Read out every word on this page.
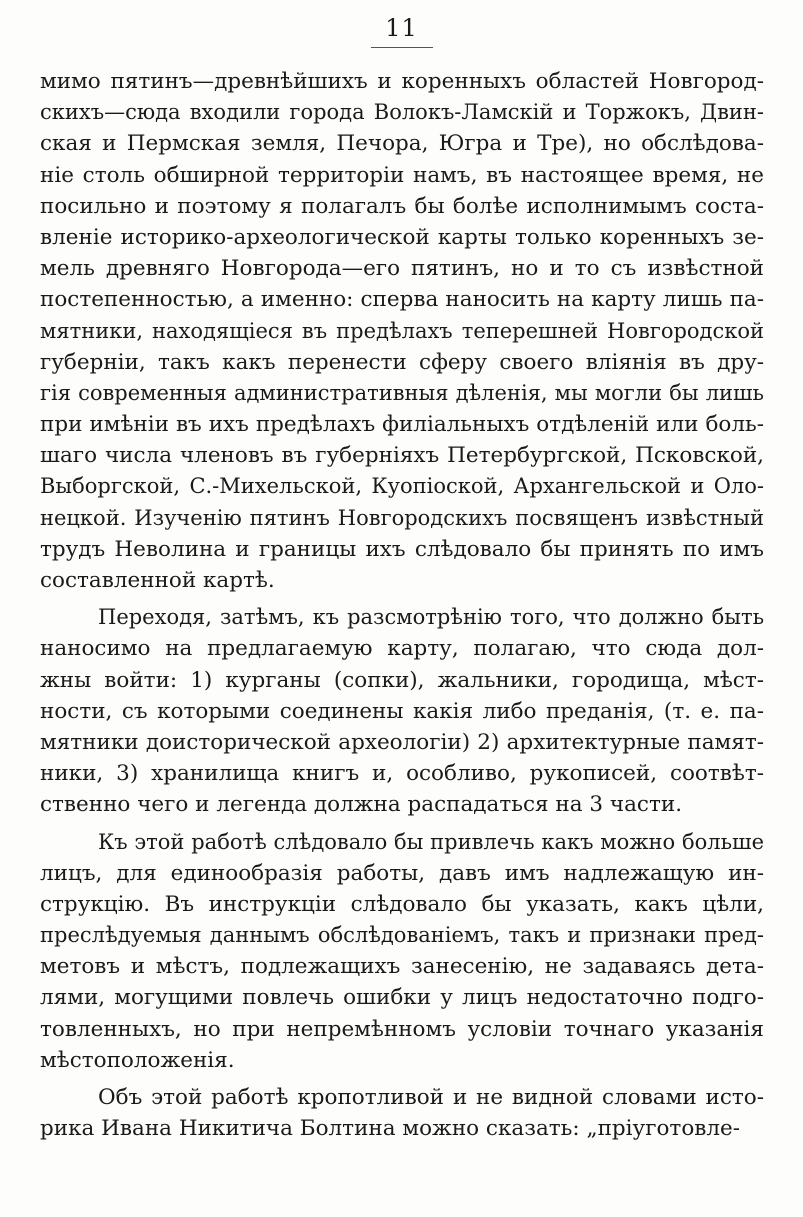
11
мимо пятинъ—древнѣйшихъ и коренныхъ областей Новгород-
скихъ—сюда входили города Волокъ-Ламскій и Торжокъ, Двин-
ская и Пермская земля, Печора, Югра и Тре), но обслѣдова-
ніе столь обширной территоріи намъ, въ настоящее время, не
посильно и поэтому я полагалъ бы болѣе исполнимымъ соста-
вленіе историко-археологической карты только коренныхъ зе-
мель древняго Новгорода—его пятинъ, но и то съ извѣстной
постепенностью, а именно: сперва наносить на карту лишь па-
мятники, находящіеся въ предѣлахъ теперешней Новгородской
губерніи, такъ какъ перенести сферу своего вліянія въ дру-
гія современныя административныя дѣленія, мы могли бы лишь
при имѣніи въ ихъ предѣлахъ филіальныхъ отдѣленій или боль-
шаго числа членовъ въ губерніяхъ Петербургской, Псковской,
Выборгской, С.-Михельской, Куопіоской, Архангельской и Оло-
нецкой. Изученію пятинъ Новгородскихъ посвященъ извѣстный
трудъ Неволина и границы ихъ слѣдовало бы принять по имъ
составленной картѣ.
Переходя, затѣмъ, къ разсмотрѣнію того, что должно быть
наносимо на предлагаемую карту, полагаю, что сюда дол-
жны войти: 1) курганы (сопки), жальники, городища, мѣст-
ности, съ которыми соединены какія либо преданія, (т. е. па-
мятники доисторической археологіи) 2) архитектурные памят-
ники, 3) хранилища книгъ и, особливо, рукописей, соотвѣт-
ственно чего и легенда должна распадаться на 3 части.
Къ этой работѣ слѣдовало бы привлечь какъ можно больше
лицъ, для единообразія работы, давъ имъ надлежащую ин-
струкцію. Въ инструкціи слѣдовало бы указать, какъ цѣли,
преслѣдуемыя даннымъ обслѣдованіемъ, такъ и признаки пред-
метовъ и мѣстъ, подлежащихъ занесенію, не задаваясь дета-
лями, могущими повлечь ошибки у лицъ недостаточно подго-
товленныхъ, но при непремѣнномъ условіи точнаго указанія
мѣстоположенія.
Объ этой работѣ кропотливой и не видной словами исто-
рика Ивана Никитича Болтина можно сказать: „пріуготовле-
